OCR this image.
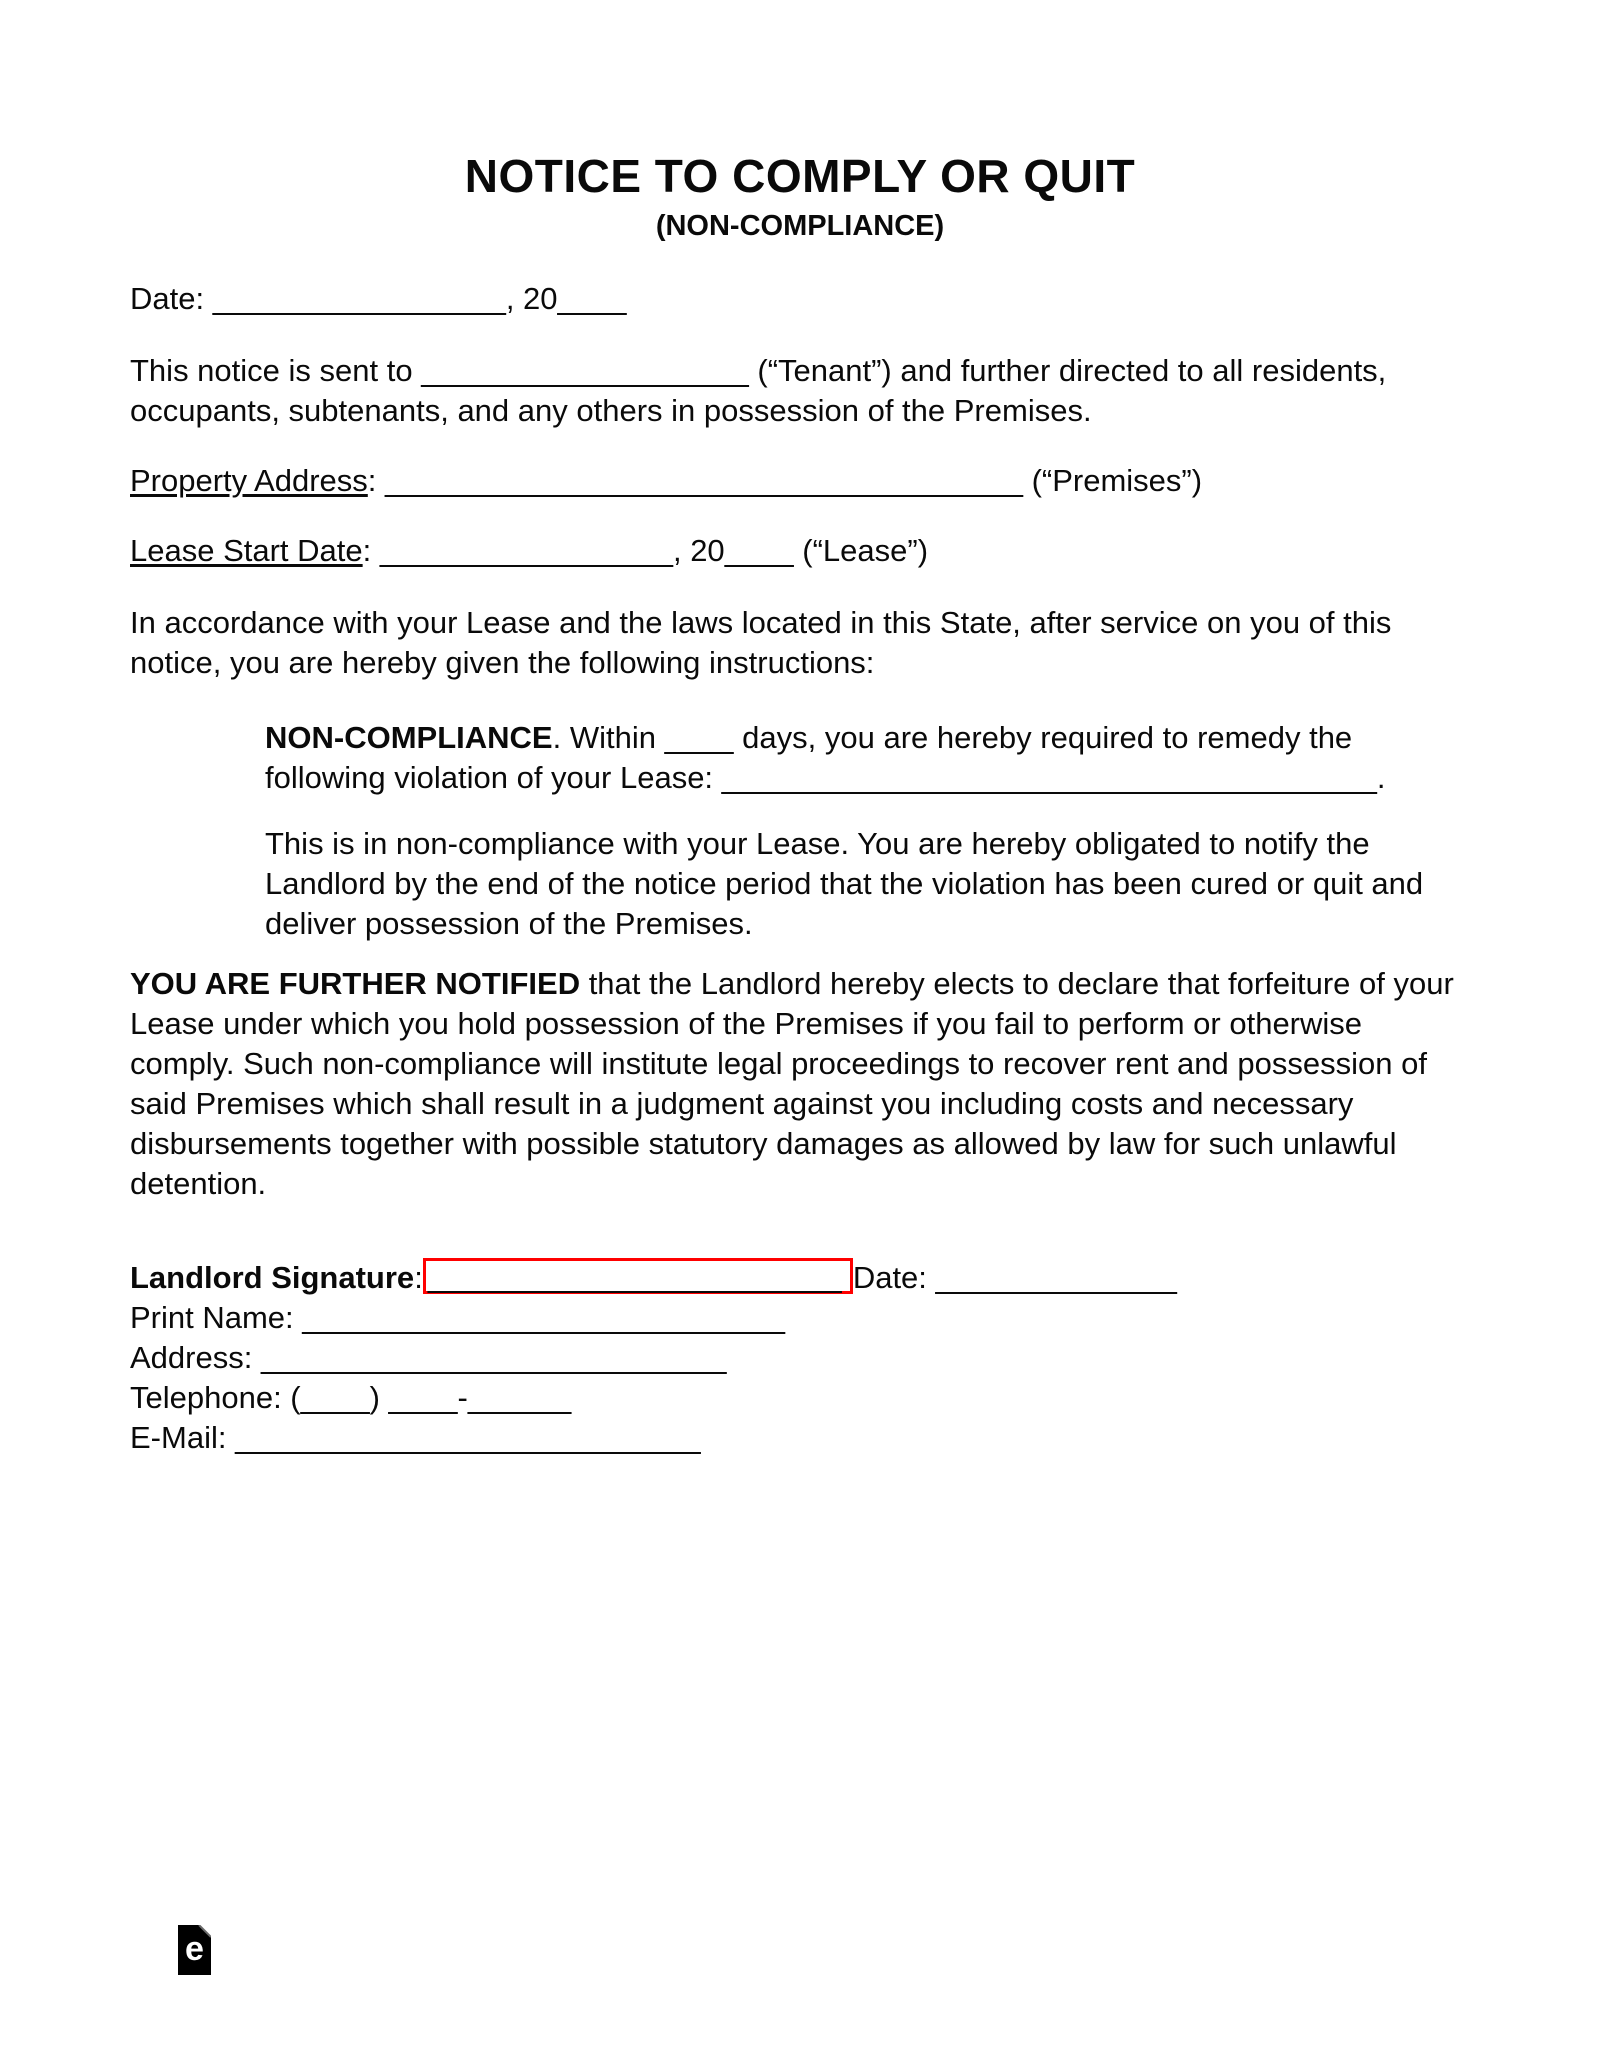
NOTICE TO COMPLY OR QUIT
(NON-COMPLIANCE)

Date: _________________, 20____

This notice is sent to ___________________ (“Tenant”) and further directed to all residents, occupants, subtenants, and any others in possession of the Premises.

Property Address: _____________________________________ (“Premises”)

Lease Start Date: _________________, 20____ (“Lease”)

In accordance with your Lease and the laws located in this State, after service on you of this notice, you are hereby given the following instructions:

NON-COMPLIANCE. Within ____ days, you are hereby required to remedy the following violation of your Lease: ______________________________________.

This is in non-compliance with your Lease. You are hereby obligated to notify the Landlord by the end of the notice period that the violation has been cured or quit and deliver possession of the Premises.

YOU ARE FURTHER NOTIFIED that the Landlord hereby elects to declare that forfeiture of your Lease under which you hold possession of the Premises if you fail to perform or otherwise comply. Such non-compliance will institute legal proceedings to recover rent and possession of said Premises which shall result in a judgment against you including costs and necessary disbursements together with possible statutory damages as allowed by law for such unlawful detention.

Landlord Signature: ________________________ Date: ______________
Print Name: ____________________________
Address: ___________________________
Telephone: (____) ____-______
E-Mail: ___________________________
e
